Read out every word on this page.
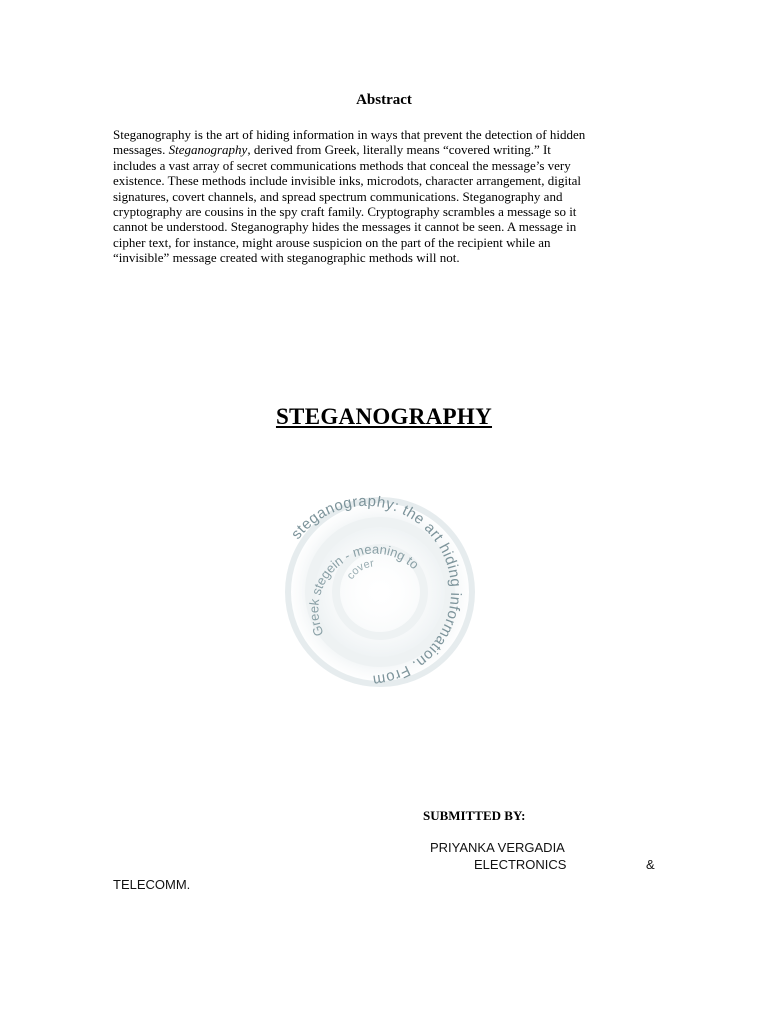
Abstract
Steganography is the art of hiding information in ways that prevent the detection of hidden
messages. Steganography, derived from Greek, literally means “covered writing.” It
includes a vast array of secret communications methods that conceal the message’s very
existence. These methods include invisible inks, microdots, character arrangement, digital
signatures, covert channels, and spread spectrum communications. Steganography and
cryptography are cousins in the spy craft family. Cryptography scrambles a message so it
cannot be understood. Steganography hides the messages it cannot be seen. A message in
cipher text, for instance, might arouse suspicion on the part of the recipient while an
“invisible” message created with steganographic methods will not.
STEGANOGRAPHY
steganography: the art hiding information. From
Greek stegein - meaning to
cover
SUBMITTED BY:
PRIYANKA VERGADIA
ELECTRONICS	&
TELECOMM.
